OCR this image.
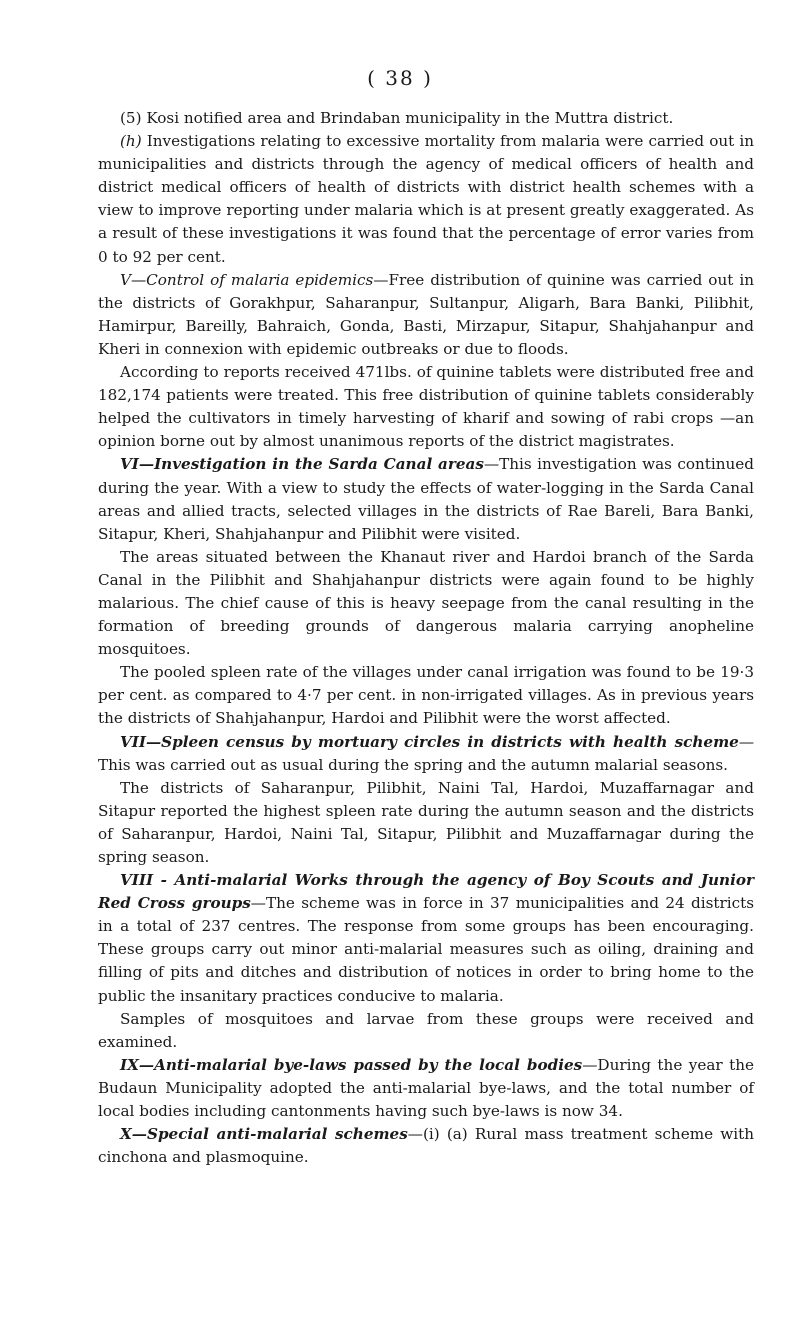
( 38 )

(5) Kosi notified area and Brindaban municipality in the Muttra district.

(h) Investigations relating to excessive mortality from malaria were carried out in municipalities and districts through the agency of medical officers of health and district medical officers of health of districts with district health schemes with a view to improve reporting under malaria which is at present greatly exaggerated. As a result of these investigations it was found that the percentage of error varies from 0 to 92 per cent.

V—Control of malaria epidemics—Free distribution of quinine was carried out in the districts of Gorakhpur, Saharanpur, Sultanpur, Aligarh, Bara Banki, Pilibhit, Hamirpur, Bareilly, Bahraich, Gonda, Basti, Mirzapur, Sitapur, Shahjahanpur and Kheri in connexion with epidemic outbreaks or due to floods.

According to reports received 471lbs. of quinine tablets were distributed free and 182,174 patients were treated. This free distribution of quinine tablets considerably helped the cultivators in timely harvesting of kharif and sowing of rabi crops —an opinion borne out by almost unanimous reports of the district magistrates.

VI—Investigation in the Sarda Canal areas—This investigation was continued during the year. With a view to study the effects of water-logging in the Sarda Canal areas and allied tracts, selected villages in the districts of Rae Bareli, Bara Banki, Sitapur, Kheri, Shahjahanpur and Pilibhit were visited.

The areas situated between the Khanaut river and Hardoi branch of the Sarda Canal in the Pilibhit and Shahjahanpur districts were again found to be highly malarious. The chief cause of this is heavy seepage from the canal resulting in the formation of breeding grounds of dangerous malaria carrying anopheline mosquitoes.

The pooled spleen rate of the villages under canal irrigation was found to be 19·3 per cent. as compared to 4·7 per cent. in non-irrigated villages. As in previous years the districts of Shahjahanpur, Hardoi and Pilibhit were the worst affected.

VII—Spleen census by mortuary circles in districts with health scheme— This was carried out as usual during the spring and the autumn malarial seasons.

The districts of Saharanpur, Pilibhit, Naini Tal, Hardoi, Muzaffarnagar and Sitapur reported the highest spleen rate during the autumn season and the districts of Saharanpur, Hardoi, Naini Tal, Sitapur, Pilibhit and Muzaffarnagar during the spring season.

VIII - Anti-malarial Works through the agency of Boy Scouts and Junior Red Cross groups—The scheme was in force in 37 municipalities and 24 districts in a total of 237 centres. The response from some groups has been encouraging. These groups carry out minor anti-malarial measures such as oiling, draining and filling of pits and ditches and distribution of notices in order to bring home to the public the insanitary practices conducive to malaria.

Samples of mosquitoes and larvae from these groups were received and examined.

IX—Anti-malarial bye-laws passed by the local bodies—During the year the Budaun Municipality adopted the anti-malarial bye-laws, and the total number of local bodies including cantonments having such bye-laws is now 34.

X—Special anti-malarial schemes—(i) (a) Rural mass treatment scheme with cinchona and plasmoquine.
